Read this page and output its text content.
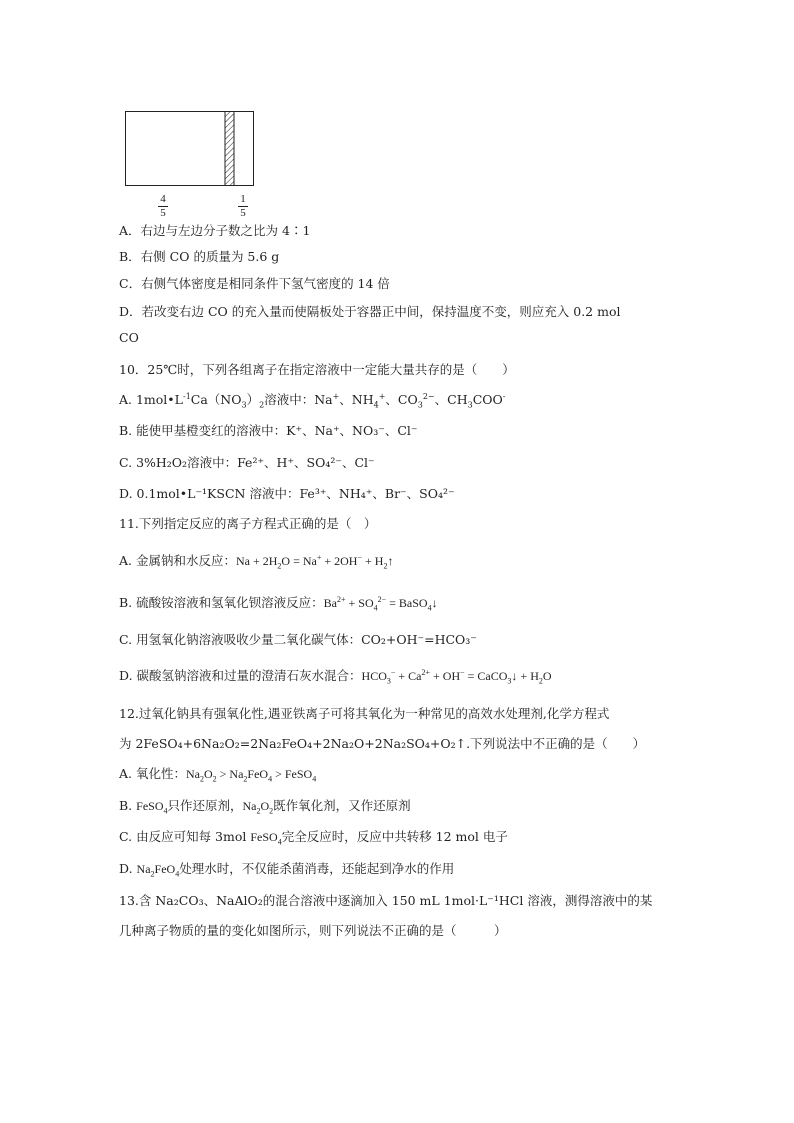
4
5
1
5
A．右边与左边分子数之比为 4∶1
B．右侧 CO 的质量为 5.6 g
C．右侧气体密度是相同条件下氢气密度的 14 倍
D．若改变右边 CO 的充入量而使隔板处于容器正中间，保持温度不变，则应充入 0.2 mol
CO
10．25℃时，下列各组离子在指定溶液中一定能大量共存的是（　　）
A. $1mol•L^{-1}Ca(NO_3)_2$溶液中：Na+、$NH_4^+$、$CO_3^{2-}$、$CH_3COO^-$
B. 能使甲基橙变红的溶液中：K⁺、Na⁺、NO₃⁻、Cl⁻
C. 3%H₂O₂溶液中：Fe²⁺、H⁺、SO₄²⁻、Cl⁻
D. 0.1mol•L⁻¹KSCN 溶液中：Fe³⁺、NH₄⁺、Br⁻、SO₄²⁻
11.下列指定反应的离子方程式正确的是（　）
A. 金属钠和水反应：$Na + 2H_2O = Na^+ + 2OH^-$ + $H_2↑$
B. 硫酸铵溶液和氢氧化钡溶液反应：$Ba^{2+} + SO_4^{2-}$ = BaSO$_4$↓
C. 用氢氧化钠溶液吸收少量二氧化碳气体：CO₂+OH⁻=HCO₃⁻
D. 碳酸氢钠溶液和过量的澄清石灰水混合：$HCO_3^- + Ca^{2+} + OH^-$ = CaCO$_3$↓ + $H_2O$
12.过氧化钠具有强氧化性,遇亚铁离子可将其氧化为一种常见的高效水处理剂,化学方程式
为 2FeSO₄+6Na₂O₂=2Na₂FeO₄+2Na₂O+2Na₂SO₄+O₂↑.下列说法中不正确的是（　　）
A. 氧化性：$Na_2O_2 > Na_2FeO_4$ > FeSO$_4$
B. FeSO$_4$只作还原剂，$Na_2O_2$既作氧化剂，又作还原剂
C. 由反应可知每 3mol FeSO$_4$完全反应时，反应中共转移 12 mol 电子
D. $Na_2FeO_4$处理水时，不仅能杀菌消毒，还能起到净水的作用
13.含 Na₂CO₃、NaAlO₂的混合溶液中逐滴加入 150 mL 1mol·L⁻¹HCl 溶液，测得溶液中的某
几种离子物质的量的变化如图所示，则下列说法不正确的是（　　　）
